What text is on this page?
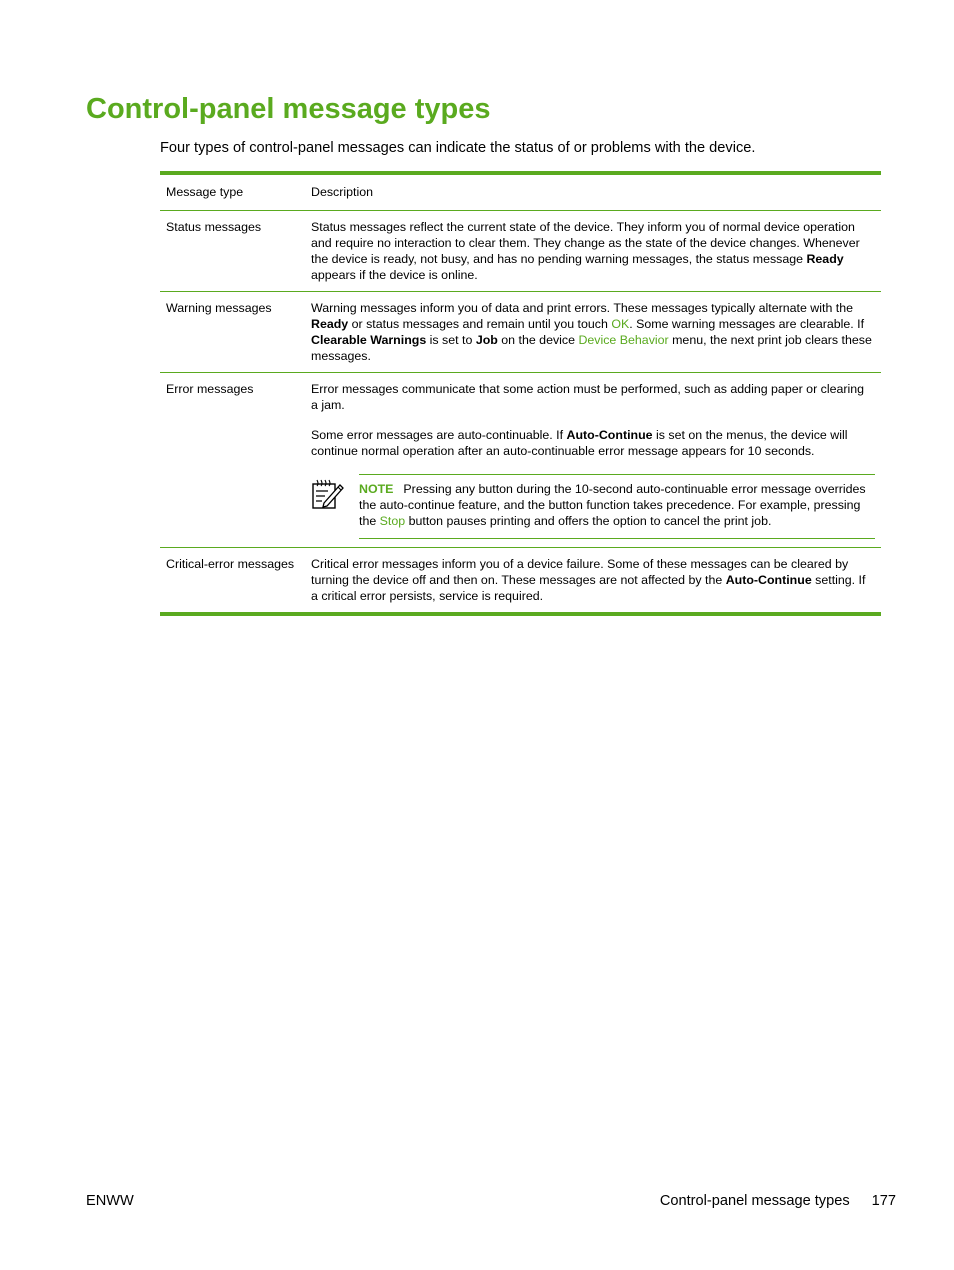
Control-panel message types

Four types of control-panel messages can indicate the status of or problems with the device.

Message type	Description
Status messages	Status messages reflect the current state of the device. They inform you of normal device operation and require no interaction to clear them. They change as the state of the device changes. Whenever the device is ready, not busy, and has no pending warning messages, the status message Ready appears if the device is online.

Warning messages	Warning messages inform you of data and print errors. These messages typically alternate with the Ready or status messages and remain until you touch OK. Some warning messages are clearable. If Clearable Warnings is set to Job on the device Device Behavior menu, the next print job clears these messages.

Error messages	Error messages communicate that some action must be performed, such as adding paper or clearing a jam.

Some error messages are auto-continuable. If Auto-Continue is set on the menus, the device will continue normal operation after an auto-continuable error message appears for 10 seconds.

NOTE Pressing any button during the 10-second auto-continuable error message overrides the auto-continue feature, and the button function takes precedence. For example, pressing the Stop button pauses printing and offers the option to cancel the print job.
Critical-error messages	Critical error messages inform you of a device failure. Some of these messages can be cleared by turning the device off and then on. These messages are not affected by the Auto-Continue setting. If a critical error persists, service is required.

ENWW	Control-panel message types 177
